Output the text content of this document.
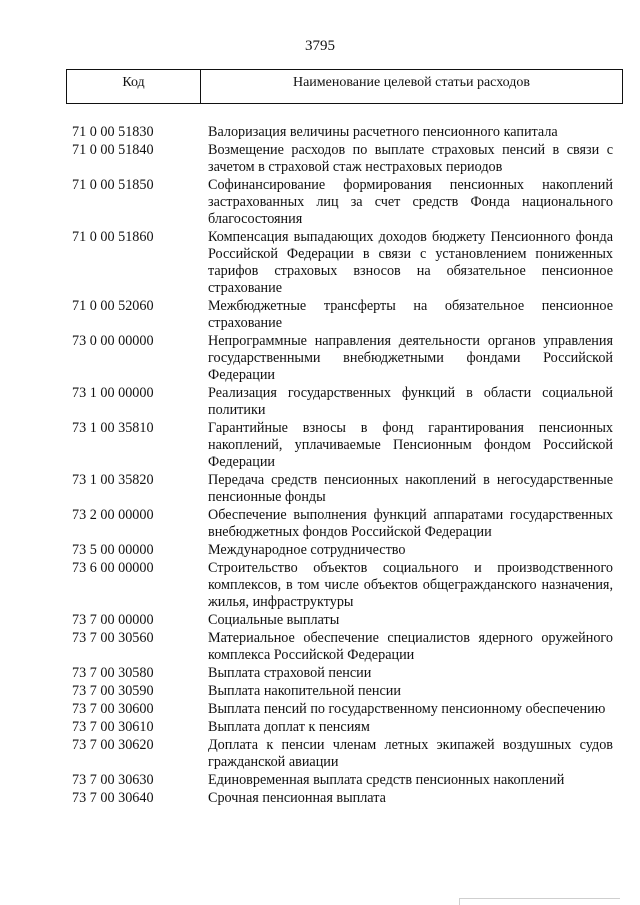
3795
Код	Наименование целевой статьи расходов
71 0 00 51830	Валоризация величины расчетного пенсионного капитала
71 0 00 51840	Возмещение расходов по выплате страховых пенсий в связи с зачетом в страховой стаж нестраховых периодов
71 0 00 51850	Софинансирование формирования пенсионных накоплений застрахованных лиц за счет средств Фонда национального благосостояния
71 0 00 51860	Компенсация выпадающих доходов бюджету Пенсионного фонда Российской Федерации в связи с установлением пониженных тарифов страховых взносов на обязательное пенсионное страхование
71 0 00 52060	Межбюджетные трансферты на обязательное пенсионное страхование
73 0 00 00000	Непрограммные направления деятельности органов управления государственными внебюджетными фондами Российской Федерации
73 1 00 00000	Реализация государственных функций в области социальной политики
73 1 00 35810	Гарантийные взносы в фонд гарантирования пенсионных накоплений, уплачиваемые Пенсионным фондом Российской Федерации
73 1 00 35820	Передача средств пенсионных накоплений в негосударственные пенсионные фонды
73 2 00 00000	Обеспечение выполнения функций аппаратами государственных внебюджетных фондов Российской Федерации
73 5 00 00000	Международное сотрудничество
73 6 00 00000	Строительство объектов социального и производственного комплексов, в том числе объектов общегражданского назначения, жилья, инфраструктуры
73 7 00 00000	Социальные выплаты
73 7 00 30560	Материальное обеспечение специалистов ядерного оружейного комплекса Российской Федерации
73 7 00 30580	Выплата страховой пенсии
73 7 00 30590	Выплата накопительной пенсии
73 7 00 30600	Выплата пенсий по государственному пенсионному обеспечению
73 7 00 30610	Выплата доплат к пенсиям
73 7 00 30620	Доплата к пенсии членам летных экипажей воздушных судов гражданской авиации
73 7 00 30630	Единовременная выплата средств пенсионных накоплений
73 7 00 30640	Срочная пенсионная выплата
